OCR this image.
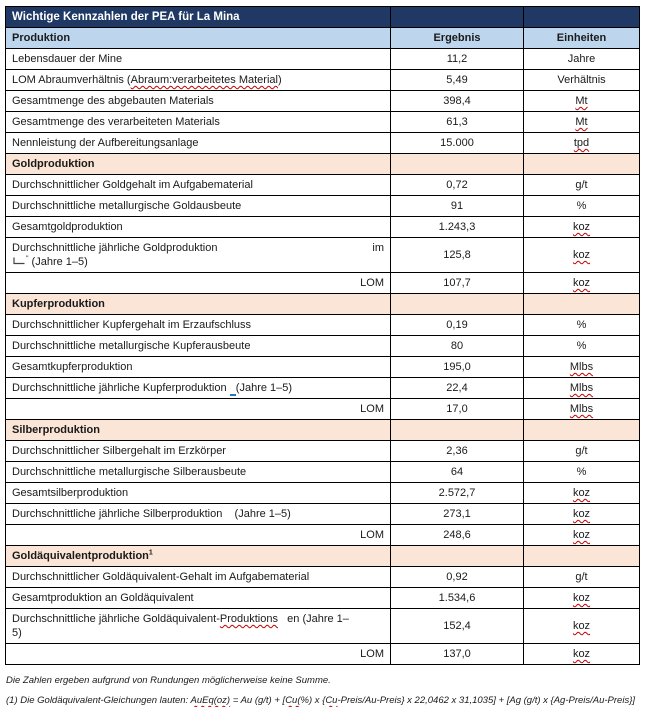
Wichtige Kennzahlen der PEA für La Mina		
Produktion	Ergebnis	Einheiten
Lebensdauer der Mine	11,2	Jahre
LOM Abraumverhältnis (Abraum:verarbeitetes Material)	5,49	Verhältnis
Gesamtmenge des abgebauten Materials	398,4	Mt
Gesamtmenge des verarbeiteten Materials	61,3	Mt
Nennleistung der Aufbereitungsanlage	15.000	tpd
Goldproduktion		
Durchschnittlicher Goldgehalt im Aufgabematerial	0,72	g/t
Durchschnittliche metallurgische Goldausbeute	91	%
Gesamtgoldproduktion	1.243,3	koz

Durchschnittliche jährliche Goldproduktion im
" (Jahre 1–5)	125,8	koz
LOM	107,7	koz
Kupferproduktion		
Durchschnittlicher Kupfergehalt im Erzaufschluss	0,19	%
Durchschnittliche metallurgische Kupferausbeute	80	%
Gesamtkupferproduktion	195,0	Mlbs
Durchschnittliche jährliche Kupferproduktion   (Jahre 1–5)	22,4	Mlbs
LOM	17,0	Mlbs
Silberproduktion		
Durchschnittlicher Silbergehalt im Erzkörper	2,36	g/t
Durchschnittliche metallurgische Silberausbeute	64	%
Gesamtsilberproduktion	2.572,7	koz
Durchschnittliche jährliche Silberproduktion    (Jahre 1–5)	273,1	koz
LOM	248,6	koz
Goldäquivalentproduktion$^1$		
Durchschnittlicher Goldäquivalent-Gehalt im Aufgabematerial	0,92	g/t
Gesamtproduktion an Goldäquivalent	1.534,6	koz
Durchschnittliche jährliche Goldäquivalent-Produktions   en (Jahre 1–
5)	152,4	koz
LOM	137,0	koz
Die Zahlen ergeben aufgrund von Rundungen möglicherweise keine Summe.
(1) Die Goldäquivalent-Gleichungen lauten: AuEq(oz) = Au (g/t) + [Cu(%) x {Cu-Preis/Au-Preis} x 22,0462 x 31,1035] + [Ag (g/t) x {Ag-Preis/Au-Preis}]
